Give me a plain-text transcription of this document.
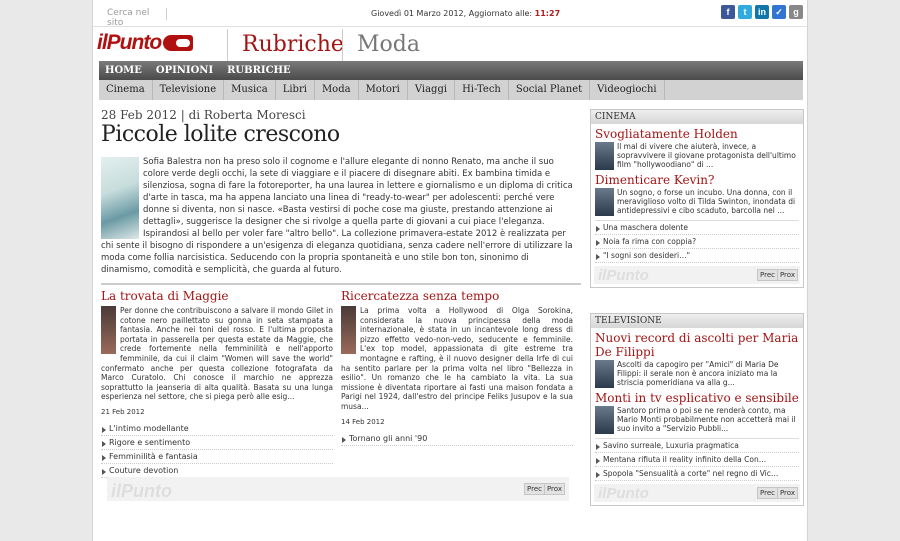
Cerca nel sito
Giovedì 01 Marzo 2012, Aggiornato alle: 11:27	f	t	in	✓	g
ilPunto	Rubriche Moda
HOME OPINIONI RUBRICHE
Cinema	Televisione	Musica	Libri	Moda	Motori	Viaggi	Hi-Tech	Social Planet	Videogiochi
28 Feb 2012 | di Roberta Moresci
Piccole lolite crescono
Sofia Balestra non ha preso solo il cognome e l'allure elegante di nonno Renato, ma anche il suo colore verde degli occhi, la sete di viaggiare e il piacere di disegnare abiti. Ex bambina timida e silenziosa, sogna di fare la fotoreporter, ha una laurea in lettere e giornalismo e un diploma di critica d'arte in tasca, ma ha appena lanciato una linea di "ready-to-wear" per adolescenti: perché vere donne si diventa, non si nasce. «Basta vestirsi di poche cose ma giuste, prestando attenzione ai dettagli», suggerisce la designer che si rivolge a quella parte di giovani a cui piace l'eleganza. Ispirandosi al bello per voler fare "altro bello". La collezione primavera-estate 2012 è realizzata per chi sente il bisogno di rispondere a un'esigenza di eleganza quotidiana, senza cadere nell'errore di utilizzare la moda come follia narcisistica. Seducendo con la propria spontaneità e uno stile bon ton, sinonimo di dinamismo, comodità e semplicità, che guarda al futuro.
La trovata di Maggie

Per donne che contribuiscono a salvare il mondo Gilet in cotone nero paillettato su gonna in seta stampata a fantasia. Anche nei toni del rosso. E l'ultima proposta portata in passerella per questa estate da Maggie, che crede fortemente nella femminilità e nell'apporto femminile, da cui il claim "Women will save the world" confermato anche per questa collezione fotografata da Marco Curatolo. Chi conosce il marchio ne apprezza soprattutto la jeanseria di alta qualità. Basata su una lunga esperienza nel settore, che si piega però alle esig...

21 Feb 2012
L'intimo modellante
Rigore e sentimento
Femminilità e fantasia
Couture devotion
Ricercatezza senza tempo

La prima volta a Hollywood di Olga Sorokina, considerata la nuova principessa della moda internazionale, è stata in un incantevole long dress di pizzo effetto vedo-non-vedo, seducente e femminile. L'ex top model, appassionata di gite estreme tra montagne e rafting, è il nuovo designer della Irfe di cui ha sentito parlare per la prima volta nel libro "Bellezza in esilio". Un romanzo che le ha cambiato la vita. La sua missione è diventata riportare ai fasti una maison fondata a Parigi nel 1924, dall'estro del principe Feliks Jusupov e la sua musa...

14 Feb 2012
Tornano gli anni '90
ilPunto	Prec Prox
CINEMA
Svogliatamente Holden
Il mal di vivere che aiuterà, invece, a sopravvivere il giovane protagonista dell'ultimo film "hollywoodiano" di ...
Dimenticare Kevin?
Un sogno, o forse un incubo. Una donna, con il meraviglioso volto di Tilda Swinton, inondata di antidepressivi e cibo scaduto, barcolla nel ...
Una maschera dolente
Noia fa rima con coppia?
"I sogni son desideri…"
ilPunto	Prec Prox
TELEVISIONE
Nuovi record di ascolti per Maria De Filippi
Ascolti da capogiro per "Amici" di Maria De Filippi: il serale non è ancora iniziato ma la striscia pomeridiana va alla g...
Monti in tv esplicativo e sensibile
Santoro prima o poi se ne renderà conto, ma Mario Monti probabilmente non accetterà mai il suo invito a "Servizio Pubbli...
Savino surreale, Luxuria pragmatica
Mentana rifiuta il reality infinito della Con…
Spopola "Sensualità a corte" nel regno di Vic…
ilPunto	Prec Prox
